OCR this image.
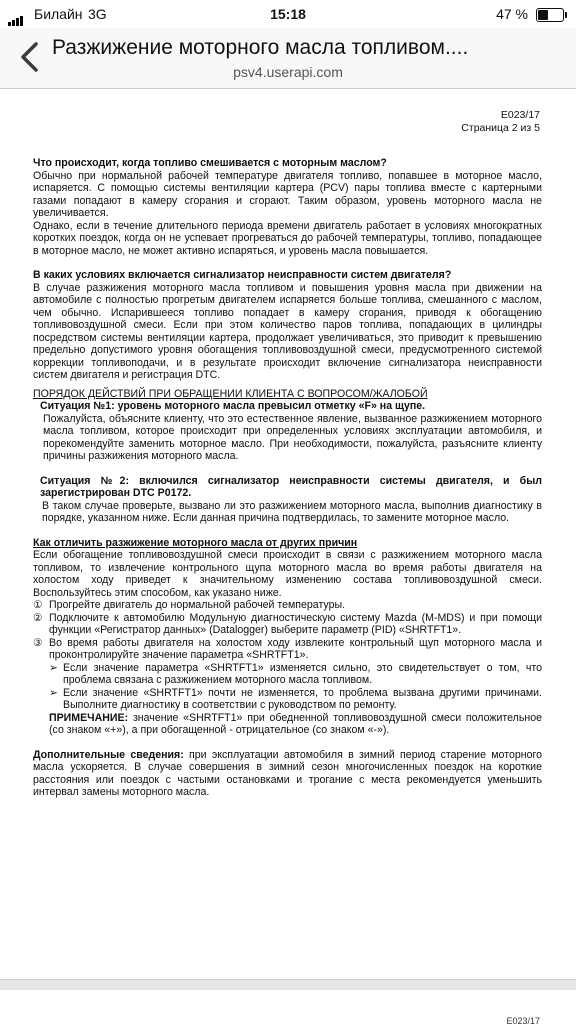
Билайн 3G	15:18	47 %
Разжижение моторного масла топливом....
psv4.userapi.com
E023/17
Страница 2 из 5

Что происходит, когда топливо смешивается с моторным маслом?

Обычно при нормальной рабочей температуре двигателя топливо, попавшее в моторное масло, испаряется. С помощью системы вентиляции картера (PCV) пары топлива вместе с картерными газами попадают в камеру сгорания и сгорают. Таким образом, уровень моторного масла не увеличивается.

Однако, если в течение длительного периода времени двигатель работает в условиях многократных коротких поездок, когда он не успевает прогреваться до рабочей температуры, топливо, попадающее в моторное масло, не может активно испаряться, и уровень масла повышается.

В каких условиях включается сигнализатор неисправности систем двигателя?

В случае разжижения моторного масла топливом и повышения уровня масла при движении на автомобиле с полностью прогретым двигателем испаряется больше топлива, смешанного с маслом, чем обычно. Испарившееся топливо попадает в камеру сгорания, приводя к обогащению топливовоздушной смеси. Если при этом количество паров топлива, попадающих в цилиндры посредством системы вентиляции картера, продолжает увеличиваться, это приводит к превышению предельно допустимого уровня обогащения топливовоздушной смеси, предусмотренного системой коррекции топливоподачи, и в результате происходит включение сигнализатора неисправности систем двигателя и регистрация DTC.

ПОРЯДОК ДЕЙСТВИЙ ПРИ ОБРАЩЕНИИ КЛИЕНТА С ВОПРОСОМ/ЖАЛОБОЙ

Ситуация №1: уровень моторного масла превысил отметку «F» на щупе.

Пожалуйста, объясните клиенту, что это естественное явление, вызванное разжижением моторного масла топливом, которое происходит при определенных условиях эксплуатации автомобиля, и порекомендуйте заменить моторное масло. При необходимости, пожалуйста, разъясните клиенту причины разжижения моторного масла.

Ситуация №2: включился сигнализатор неисправности системы двигателя, и был зарегистрирован DTC P0172.

В таком случае проверьте, вызвано ли это разжижением моторного масла, выполнив диагностику в порядке, указанном ниже. Если данная причина подтвердилась, то замените моторное масло.

Как отличить разжижение моторного масла от других причин

Если обогащение топливовоздушной смеси происходит в связи с разжижением моторного масла топливом, то извлечение контрольного щупа моторного масла во время работы двигателя на холостом ходу приведет к значительному изменению состава топливовоздушной смеси. Воспользуйтесь этим способом, как указано ниже.

① Прогрейте двигатель до нормальной рабочей температуры.
② Подключите к автомобилю Модульную диагностическую систему Mazda (M-MDS) и при помощи функции «Регистратор данных» (Datalogger) выберите параметр (PID) «SHRTFT1».
③ Во время работы двигателя на холостом ходу извлеките контрольный щуп моторного масла и проконтролируйте значение параметра «SHRTFT1».
➢ Если значение параметра «SHRTFT1» изменяется сильно, это свидетельствует о том, что проблема связана с разжижением моторного масла топливом.
➢ Если значение «SHRTFT1» почти не изменяется, то проблема вызвана другими причинами. Выполните диагностику в соответствии с руководством по ремонту.

ПРИМЕЧАНИЕ: значение «SHRTFT1» при обедненной топливовоздушной смеси положительное (со знаком «+»), а при обогащенной - отрицательное (со знаком «-»).

Дополнительные сведения: при эксплуатации автомобиля в зимний период старение моторного масла ускоряется. В случае совершения в зимний сезон многочисленных поездок на короткие расстояния или поездок с частыми остановками и трогание с места рекомендуется уменьшить интервал замены моторного масла.

E023/17
